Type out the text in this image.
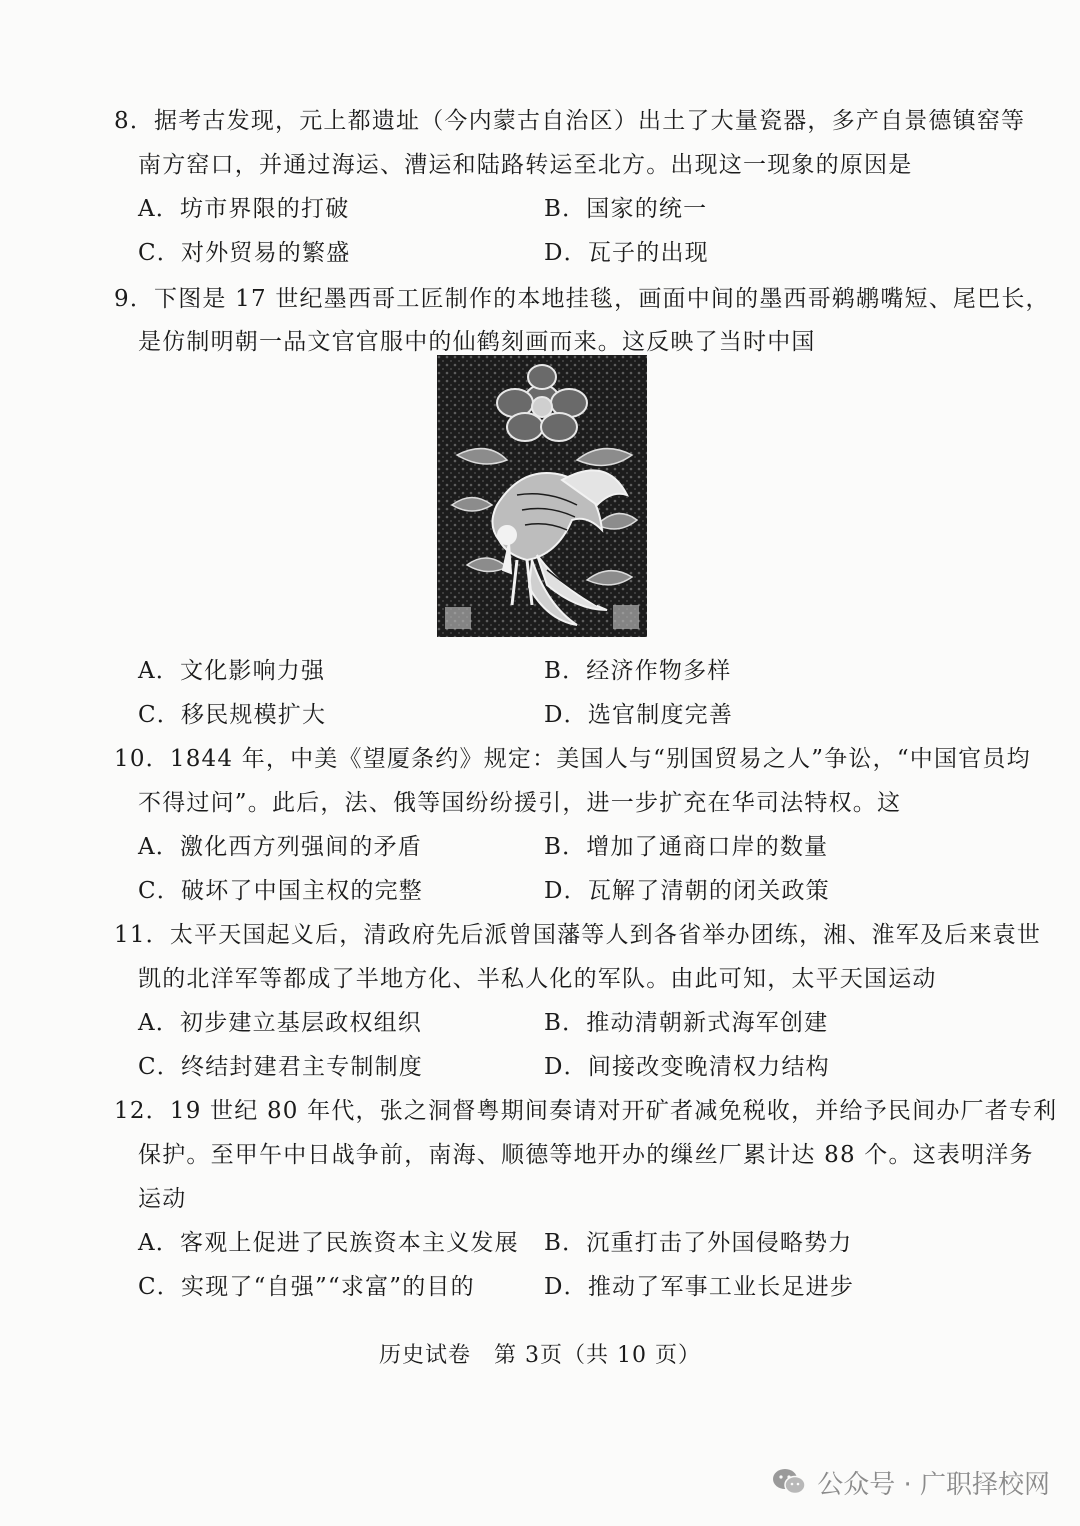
8．据考古发现，元上都遗址（今内蒙古自治区）出土了大量瓷器，多产自景德镇窑等
南方窑口，并通过海运、漕运和陆路转运至北方。出现这一现象的原因是
A．坊市界限的打破	B．国家的统一
C．对外贸易的繁盛	D．瓦子的出现
9．下图是 17 世纪墨西哥工匠制作的本地挂毯，画面中间的墨西哥鹈鹕嘴短、尾巴长，
是仿制明朝一品文官官服中的仙鹤刻画而来。这反映了当时中国
A．文化影响力强	B．经济作物多样
C．移民规模扩大	D．选官制度完善
10．1844 年，中美《望厦条约》规定：美国人与“别国贸易之人”争讼，“中国官员均
不得过问”。此后，法、俄等国纷纷援引，进一步扩充在华司法特权。这
A．激化西方列强间的矛盾	B．增加了通商口岸的数量
C．破坏了中国主权的完整	D．瓦解了清朝的闭关政策
11．太平天国起义后，清政府先后派曾国藩等人到各省举办团练，湘、淮军及后来袁世
凯的北洋军等都成了半地方化、半私人化的军队。由此可知，太平天国运动
A．初步建立基层政权组织	B．推动清朝新式海军创建
C．终结封建君主专制制度	D．间接改变晚清权力结构
12．19 世纪 80 年代，张之洞督粤期间奏请对开矿者减免税收，并给予民间办厂者专利
保护。至甲午中日战争前，南海、顺德等地开办的缫丝厂累计达 88 个。这表明洋务
运动
A．客观上促进了民族资本主义发展 B．沉重打击了外国侵略势力
C．实现了“自强”“求富”的目的	D．推动了军事工业长足进步
历史试卷　第 3页（共 10 页）
公众号 · 广职择校网
